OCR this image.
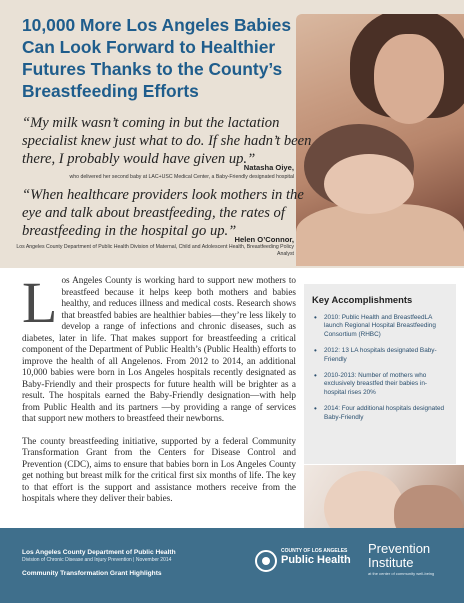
10,000 More Los Angeles Babies Can Look Forward to Healthier Futures Thanks to the County’s Breastfeeding Efforts

“My milk wasn’t coming in but the lactation specialist knew just what to do. If she hadn’t been there, I probably would have given up.”

Natasha Oiye,
who delivered her second baby at LAC+USC Medical Center, a Baby-Friendly designated hospital

“When healthcare providers look mothers in the eye and talk about breastfeeding, the rates of breastfeeding in the hospital go up.”

Helen O’Connor,
Los Angeles County Department of Public Health Division of Maternal, Child and Adolescent Health, Breastfeeding Policy Analyst

Los Angeles County is working hard to support new mothers to breastfeed because it helps keep both mothers and babies healthy, and reduces illness and medical costs. Research shows that breastfed babies are healthier babies—they’re less likely to develop a range of infections and chronic diseases, such as diabetes, later in life. That makes support for breastfeeding a critical component of the Department of Public Health’s (Public Health) efforts to improve the health of all Angelenos. From 2012 to 2014, an additional 10,000 babies were born in Los Angeles hospitals recently designated as Baby-Friendly and their prospects for future health will be brighter as a result. The hospitals earned the Baby-Friendly designation—with help from Public Health and its partners —by providing a range of services that support new mothers to breastfeed their newborns.

The county breastfeeding initiative, supported by a federal Community Transformation Grant from the Centers for Disease Control and Prevention (CDC), aims to ensure that babies born in Los Angeles County get nothing but breast milk for the critical first six months of life. The key to that effort is the support and assistance mothers receive from the hospitals where they deliver their babies.

Key Accomplishments
• 2010: Public Health and BreastfeedLA launch Regional Hospital Breastfeeding Consortium (RHBC)
• 2012: 13 LA hospitals designated Baby-Friendly
• 2010-2013: Number of mothers who exclusively breastfed their babies in-hospital rises 20%
• 2014: Four additional hospitals designated Baby-Friendly
Los Angeles County Department of Public Health
Division of Chronic Disease and Injury Prevention | November 2014
Community Transformation Grant Highlights
COUNTY OF LOS ANGELES
Public Health
Prevention
Institute
at the center of community well-being
